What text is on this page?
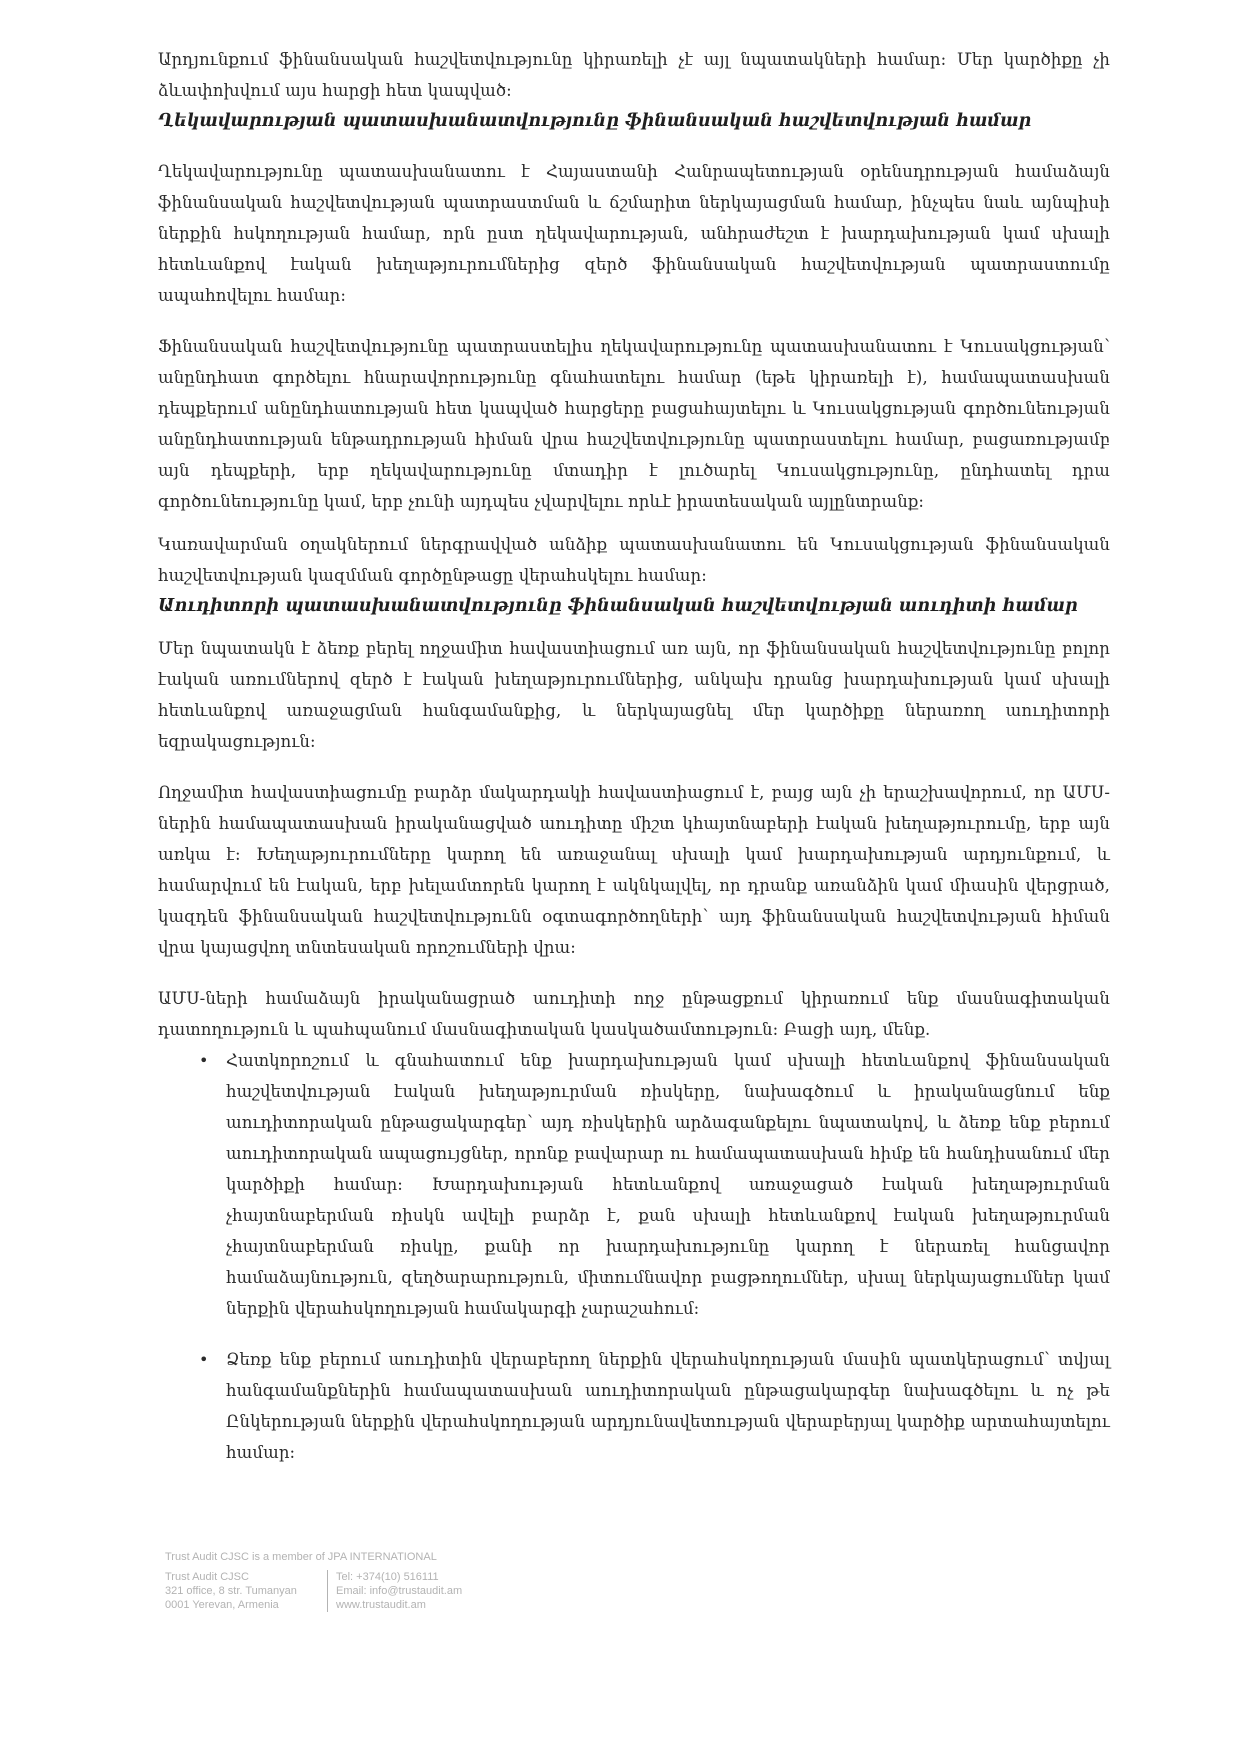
Արդյունքում ֆինանսական հաշվետվությունը կիրառելի չէ այլ նպատակների համար: Մեր կարծիքը չի ձևափոխվում այս հարցի հետ կապված:

Ղեկավարության պատասխանատվությունը ֆինանսական հաշվետվության համար

Ղեկավարությունը պատասխանատու է Հայաստանի Հանրապետության օրենսդրության համաձայն ֆինանսական հաշվետվության պատրաստման և ճշմարիտ ներկայացման համար, ինչպես նաև այնպիսի ներքին հսկողության համար, որն ըստ ղեկավարության, անհրաժեշտ է խարդախության կամ սխալի հետևանքով էական խեղաթյուրումներից զերծ ֆինանսական հաշվետվության պատրաստումը ապահովելու համար:

Ֆինանսական հաշվետվությունը պատրաստելիս ղեկավարությունը պատասխանատու է Կուսակցության՝ անընդհատ գործելու հնարավորությունը գնահատելու համար (եթե կիրառելի է), համապատասխան դեպքերում անընդհատության հետ կապված հարցերը բացահայտելու և Կուսակցության գործունեության անընդհատության ենթադրության հիման վրա հաշվետվությունը պատրաստելու համար, բացառությամբ այն դեպքերի, երբ ղեկավարությունը մտադիր է լուծարել Կուսակցությունը, ընդհատել դրա գործունեությունը կամ, երբ չունի այդպես չվարվելու որևէ իրատեսական այլընտրանք:

Կառավարման օղակներում ներգրավված անձիք պատասխանատու են Կուսակցության ֆինանսական հաշվետվության կազմման գործընթացը վերահսկելու համար:

Աուդիտորի պատասխանատվությունը ֆինանսական հաշվետվության աուդիտի համար

Մեր նպատակն է ձեռք բերել ողջամիտ հավաստիացում առ այն, որ ֆինանսական հաշվետվությունը բոլոր էական առումներով զերծ է էական խեղաթյուրումներից, անկախ դրանց խարդախության կամ սխալի հետևանքով առաջացման հանգամանքից, և ներկայացնել մեր կարծիքը ներառող աուդիտորի եզրակացություն:

Ողջամիտ հավաստիացումը բարձր մակարդակի հավաստիացում է, բայց այն չի երաշխավորում, որ ԱՄՍ-ներին համապատասխան իրականացված աուդիտը միշտ կհայտնաբերի էական խեղաթյուրումը, երբ այն առկա է: Խեղաթյուրումները կարող են առաջանալ սխալի կամ խարդախության արդյունքում, և համարվում են էական, երբ խելամտորեն կարող է ակնկալվել, որ դրանք առանձին կամ միասին վերցրած, կազդեն ֆինանսական հաշվետվությունն օգտագործողների՝ այդ ֆինանսական հաշվետվության հիման վրա կայացվող տնտեսական որոշումների վրա:

ԱՄՍ-ների համաձայն իրականացրած աուդիտի ողջ ընթացքում կիրառում ենք մասնագիտական դատողություն և պահպանում մասնագիտական կասկածամտություն: Բացի այդ, մենք.

• Հատկորոշում և գնահատում ենք խարդախության կամ սխալի հետևանքով ֆինանսական հաշվետվության էական խեղաթյուրման ռիսկերը, նախագծում և իրականացնում ենք աուդիտորական ընթացակարգեր՝ այդ ռիսկերին արձագանքելու նպատակով, և ձեռք ենք բերում աուդիտորական ապացույցներ, որոնք բավարար ու համապատասխան հիմք են հանդիսանում մեր կարծիքի համար: Խարդախության հետևանքով առաջացած էական խեղաթյուրման չհայտնաբերման ռիսկն ավելի բարձր է, քան սխալի հետևանքով էական խեղաթյուրման չհայտնաբերման ռիսկը, քանի որ խարդախությունը կարող է ներառել հանցավոր համաձայնություն, զեղծարարություն, միտումնավոր բացթողումներ, սխալ ներկայացումներ կամ ներքին վերահսկողության համակարգի չարաշահում:

• Ձեռք ենք բերում աուդիտին վերաբերող ներքին վերահսկողության մասին պատկերացում՝ տվյալ հանգամանքներին համապատասխան աուդիտորական ընթացակարգեր նախագծելու և ոչ թե Ընկերության ներքին վերահսկողության արդյունավետության վերաբերյալ կարծիք արտահայտելու համար:

Trust Audit CJSC is a member of JPA INTERNATIONAL
Trust Audit CJSC
321 office, 8 str. Tumanyan
0001 Yerevan, Armenia
Tel: +374(10) 516111
Email: info@trustaudit.am
www.trustaudit.am
